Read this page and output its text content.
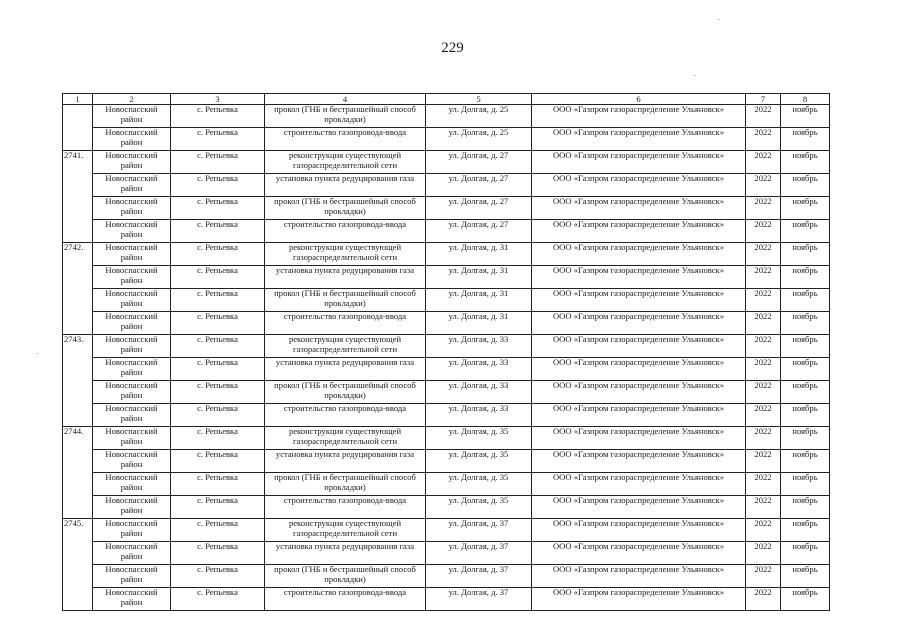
229
1	2	3	4	5	6	7	8
	Новоспасский район	с. Репьевка	прокол (ГНБ и бестраншейный способ прокладки)	ул. Долгая, д. 25	ООО «Газпром газораспределение Ульяновск»	2022	ноябрь
	Новоспасский район	с. Репьевка	строительство газопровода-ввода	ул. Долгая, д. 25	ООО «Газпром газораспределение Ульяновск»	2022	ноябрь
2741.	Новоспасский район	с. Репьевка	реконструкция существующей газораспределительной сети	ул. Долгая, д. 27	ООО «Газпром газораспределение Ульяновск»	2022	ноябрь
	Новоспасский район	с. Репьевка	установка пункта редуцирования газа	ул. Долгая, д. 27	ООО «Газпром газораспределение Ульяновск»	2022	ноябрь
	Новоспасский район	с. Репьевка	прокол (ГНБ и бестраншейный способ прокладки)	ул. Долгая, д. 27	ООО «Газпром газораспределение Ульяновск»	2022	ноябрь
	Новоспасский район	с. Репьевка	строительство газопровода-ввода	ул. Долгая, д. 27	ООО «Газпром газораспределение Ульяновск»	2022	ноябрь
2742.	Новоспасский район	с. Репьевка	реконструкция существующей газораспределительной сети	ул. Долгая, д. 31	ООО «Газпром газораспределение Ульяновск»	2022	ноябрь
	Новоспасский район	с. Репьевка	установка пункта редуцирования газа	ул. Долгая, д. 31	ООО «Газпром газораспределение Ульяновск»	2022	ноябрь
	Новоспасский район	с. Репьевка	прокол (ГНБ и бестраншейный способ прокладки)	ул. Долгая, д. 31	ООО «Газпром газораспределение Ульяновск»	2022	ноябрь
	Новоспасский район	с. Репьевка	строительство газопровода-ввода	ул. Долгая, д. 31	ООО «Газпром газораспределение Ульяновск»	2022	ноябрь
2743.	Новоспасский район	с. Репьевка	реконструкция существующей газораспределительной сети	ул. Долгая, д. 33	ООО «Газпром газораспределение Ульяновск»	2022	ноябрь
	Новоспасский район	с. Репьевка	установка пункта редуцирования газа	ул. Долгая, д. 33	ООО «Газпром газораспределение Ульяновск»	2022	ноябрь
	Новоспасский район	с. Репьевка	прокол (ГНБ и бестраншейный способ прокладки)	ул. Долгая, д. 33	ООО «Газпром газораспределение Ульяновск»	2022	ноябрь
	Новоспасский район	с. Репьевка	строительство газопровода-ввода	ул. Долгая, д. 33	ООО «Газпром газораспределение Ульяновск»	2022	ноябрь
2744.	Новоспасский район	с. Репьевка	реконструкция существующей газораспределительной сети	ул. Долгая, д. 35	ООО «Газпром газораспределение Ульяновск»	2022	ноябрь
	Новоспасский район	с. Репьевка	установка пункта редуцирования газа	ул. Долгая, д. 35	ООО «Газпром газораспределение Ульяновск»	2022	ноябрь
	Новоспасский район	с. Репьевка	прокол (ГНБ и бестраншейный способ прокладки)	ул. Долгая, д. 35	ООО «Газпром газораспределение Ульяновск»	2022	ноябрь
	Новоспасский район	с. Репьевка	строительство газопровода-ввода	ул. Долгая, д. 35	ООО «Газпром газораспределение Ульяновск»	2022	ноябрь
2745.	Новоспасский район	с. Репьевка	реконструкция существующей газораспределительной сети	ул. Долгая, д. 37	ООО «Газпром газораспределение Ульяновск»	2022	ноябрь
	Новоспасский район	с. Репьевка	установка пункта редуцирования газа	ул. Долгая, д. 37	ООО «Газпром газораспределение Ульяновск»	2022	ноябрь
	Новоспасский район	с. Репьевка	прокол (ГНБ и бестраншейный способ прокладки)	ул. Долгая, д. 37	ООО «Газпром газораспределение Ульяновск»	2022	ноябрь
	Новоспасский район	с. Репьевка	строительство газопровода-ввода	ул. Долгая, д. 37	ООО «Газпром газораспределение Ульяновск»	2022	ноябрь
·
·
·
